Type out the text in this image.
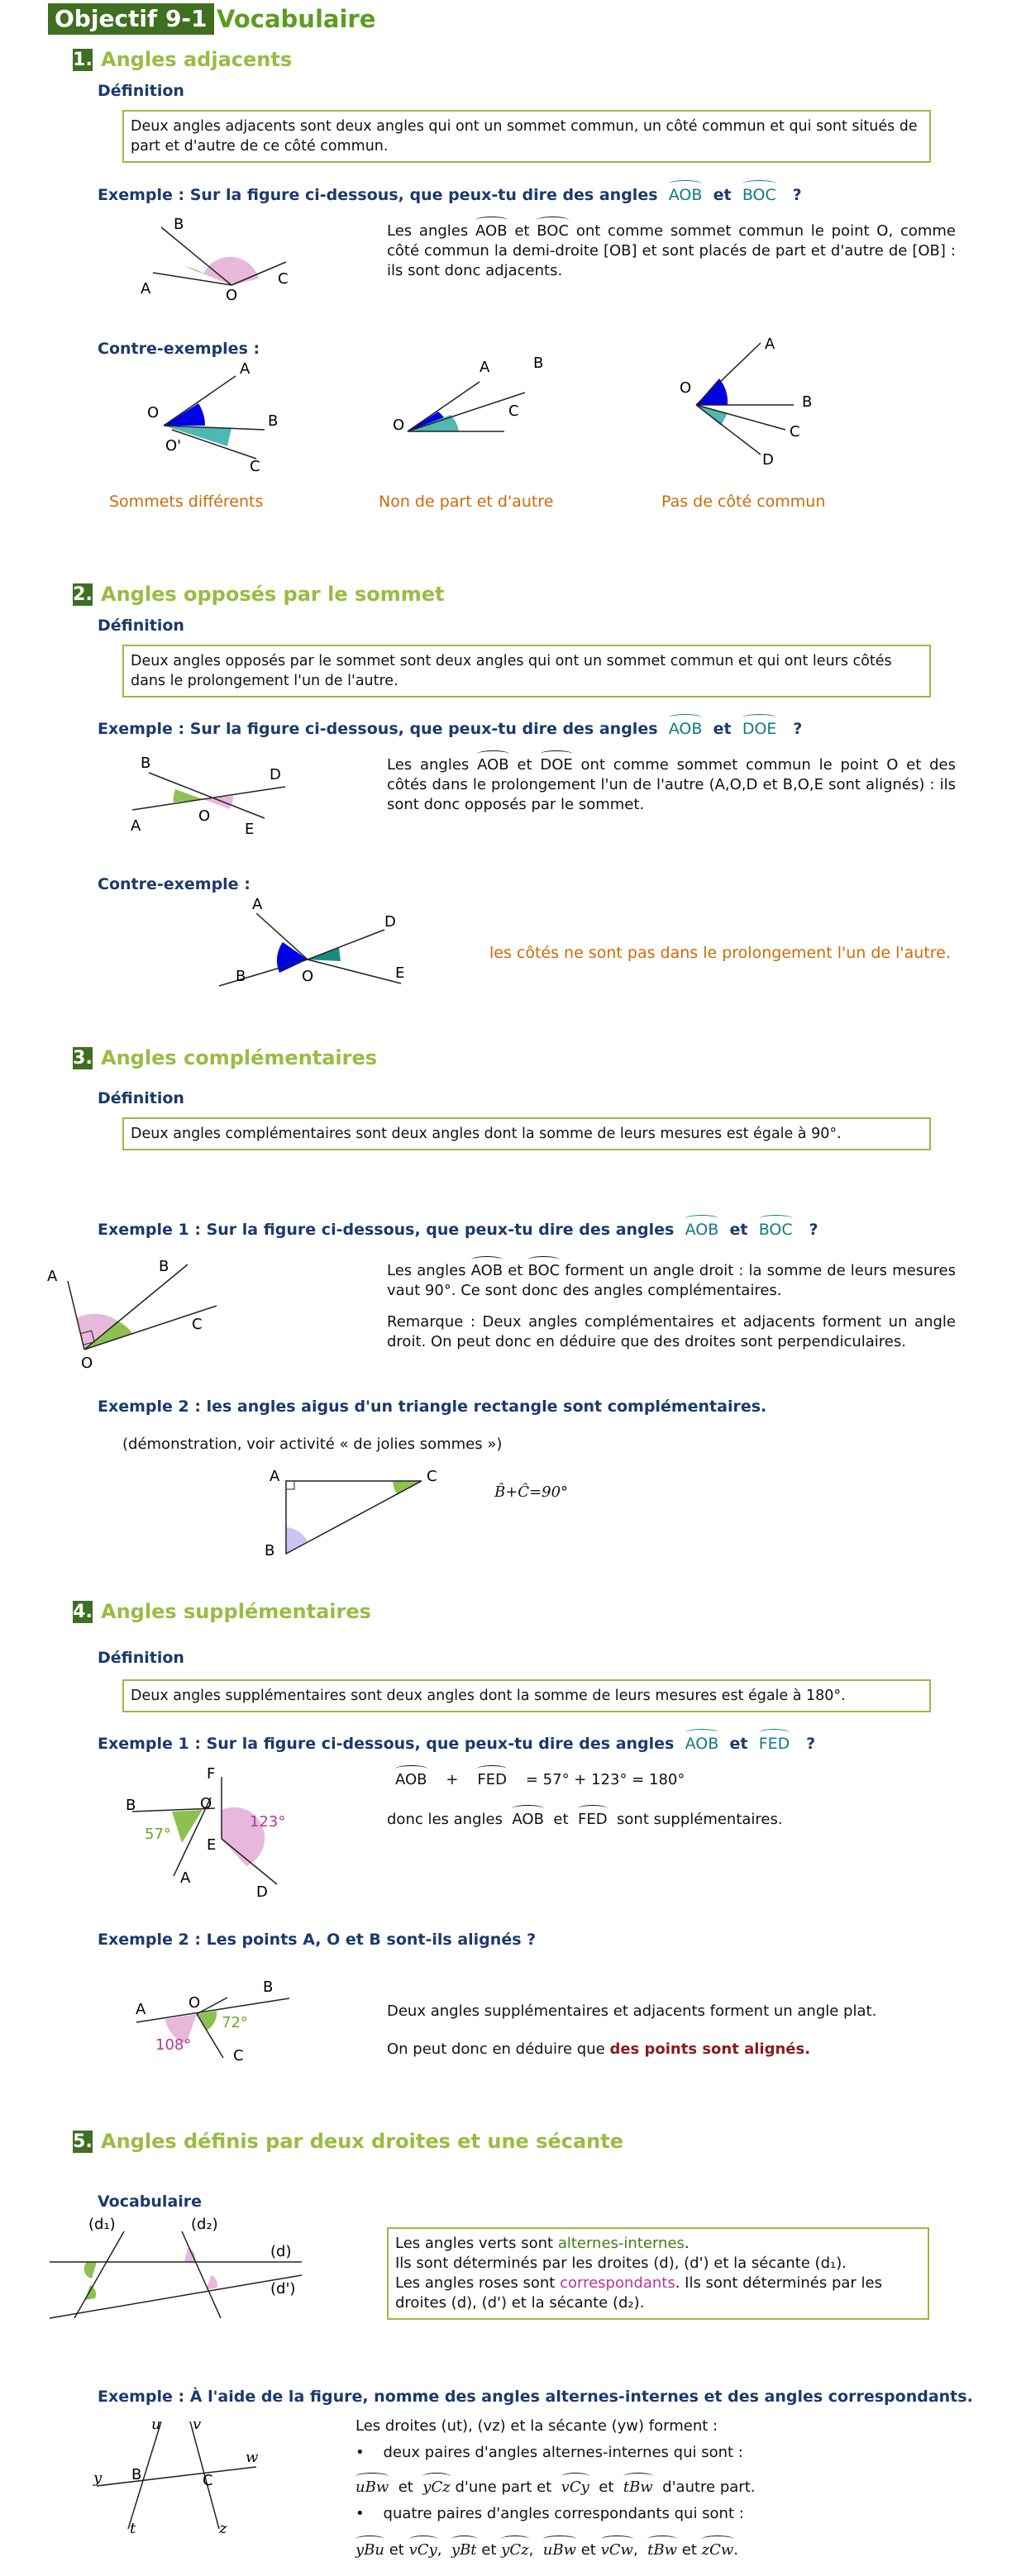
Objectif 9-1 Vocabulaire
1. Angles adjacents
Définition
Deux angles adjacents sont deux angles qui ont un sommet commun, un côté commun et qui sont situés de part et d'autre de ce côté commun.
Exemple : Sur la figure ci-dessous, que peux-tu dire des angles AOB et BOC ?
A
B
C
O
Les angles AOB et BOC ont comme sommet commun le point O, comme côté commun la demi-droite [OB] et sont placés de part et d'autre de [OB] : ils sont donc adjacents.
Contre-exemples :
A
O	B
O'
C
O
A	B
C
O
A
B
C
D
Sommets différents	Non de part et d'autre	Pas de côté commun
2. Angles opposés par le sommet
Définition
Deux angles opposés par le sommet sont deux angles qui ont un sommet commun et qui ont leurs côtés dans le prolongement l'un de l'autre.
Exemple : Sur la figure ci-dessous, que peux-tu dire des angles AOB et DOE ?
B
A
D
E
O
Les angles AOB et DOE ont comme sommet commun le point O et des côtés dans le prolongement l'un de l'autre (A,O,D et B,O,E sont alignés) : ils sont donc opposés par le sommet.
Contre-exemple :
A
B
D
E
O
les côtés ne sont pas dans le prolongement l'un de l'autre.
3. Angles complémentaires
Définition
Deux angles complémentaires sont deux angles dont la somme de leurs mesures est égale à 90°.
Exemple 1 : Sur la figure ci-dessous, que peux-tu dire des angles AOB et BOC ?
A
B
C
O
Les angles AOB et BOC forment un angle droit : la somme de leurs mesures vaut 90°. Ce sont donc des angles complémentaires.
Remarque : Deux angles complémentaires et adjacents forment un angle droit. On peut donc en déduire que des droites sont perpendiculaires.
Exemple 2 : les angles aigus d'un triangle rectangle sont complémentaires.
(démonstration, voir activité « de jolies sommes »)
A	C
B
B̂+Ĉ=90°
4. Angles supplémentaires
Définition
Deux angles supplémentaires sont deux angles dont la somme de leurs mesures est égale à 180°.
Exemple 1 : Sur la figure ci-dessous, que peux-tu dire des angles AOB et FED ?
B	O
A
F
E
D
57°
123°
AOB + FED = 57° + 123° = 180°
donc les angles AOB et FED sont supplémentaires.
Exemple 2 : Les points A, O et B sont-ils alignés ?
A	O
B
C
72°
108°
Deux angles supplémentaires et adjacents forment un angle plat.
On peut donc en déduire que des points sont alignés.
5. Angles définis par deux droites et une sécante
Vocabulaire
(d₁)	(d₂)
(d)
(d')
Les angles verts sont alternes-internes.
Ils sont déterminés par les droites (d), (d') et la sécante (d₁).
Les angles roses sont correspondants. Ils sont déterminés par les droites (d), (d') et la sécante (d₂).
Exemple : À l'aide de la figure, nomme des angles alternes-internes et des angles correspondants.
u v
y
w
t	z
B	C
Les droites (ut), (vz) et la sécante (yw) forment :
•    deux paires d'angles alternes-internes qui sont :
uBw et yCz d'une part et vCy et tBw d'autre part.
•    quatre paires d'angles correspondants qui sont :
yBu et vCy,  yBt et yCz,  uBw et vCw,  tBw et zCw.
